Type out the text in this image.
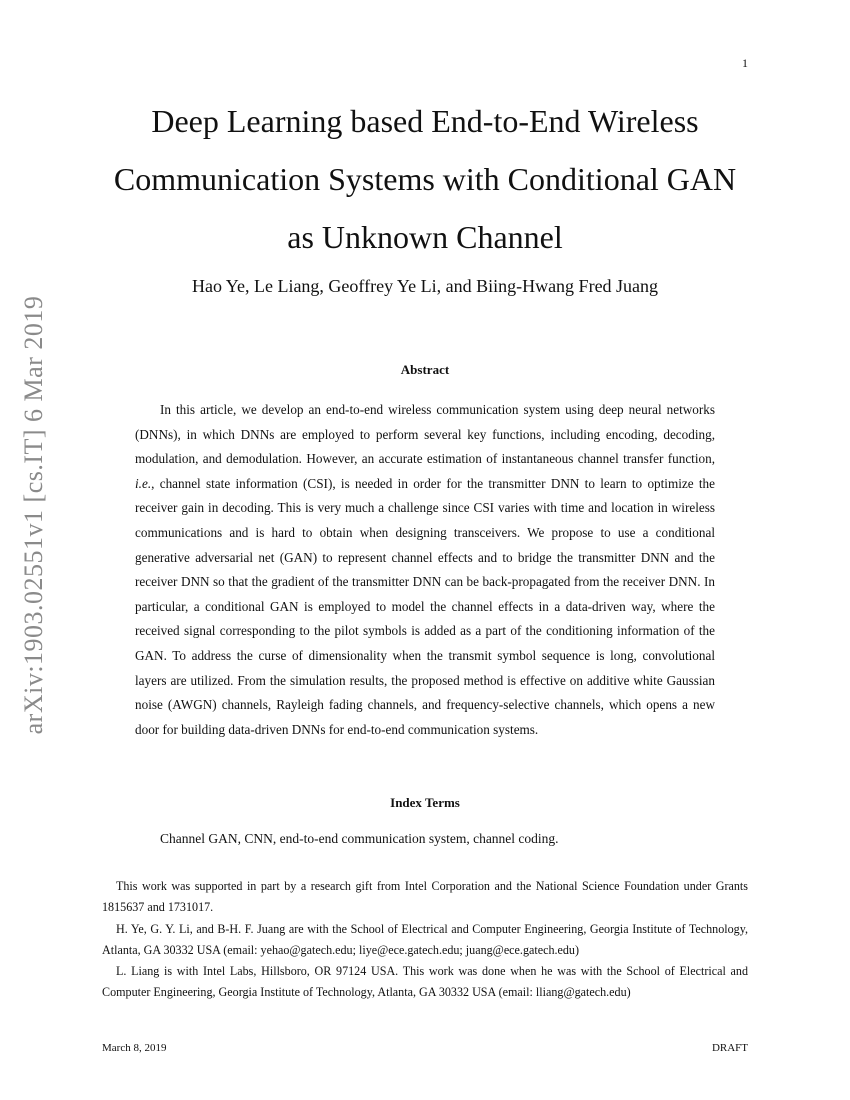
1
arXiv:1903.02551v1 [cs.IT] 6 Mar 2019
Deep Learning based End-to-End Wireless Communication Systems with Conditional GAN as Unknown Channel
Hao Ye, Le Liang, Geoffrey Ye Li, and Biing-Hwang Fred Juang
Abstract

In this article, we develop an end-to-end wireless communication system using deep neural networks (DNNs), in which DNNs are employed to perform several key functions, including encoding, decoding, modulation, and demodulation. However, an accurate estimation of instantaneous channel transfer function, i.e., channel state information (CSI), is needed in order for the transmitter DNN to learn to optimize the receiver gain in decoding. This is very much a challenge since CSI varies with time and location in wireless communications and is hard to obtain when designing transceivers. We propose to use a conditional generative adversarial net (GAN) to represent channel effects and to bridge the transmitter DNN and the receiver DNN so that the gradient of the transmitter DNN can be back-propagated from the receiver DNN. In particular, a conditional GAN is employed to model the channel effects in a data-driven way, where the received signal corresponding to the pilot symbols is added as a part of the conditioning information of the GAN. To address the curse of dimensionality when the transmit symbol sequence is long, convolutional layers are utilized. From the simulation results, the proposed method is effective on additive white Gaussian noise (AWGN) channels, Rayleigh fading channels, and frequency-selective channels, which opens a new door for building data-driven DNNs for end-to-end communication systems.

Index Terms
Channel GAN, CNN, end-to-end communication system, channel coding.

This work was supported in part by a research gift from Intel Corporation and the National Science Foundation under Grants 1815637 and 1731017.

H. Ye, G. Y. Li, and B-H. F. Juang are with the School of Electrical and Computer Engineering, Georgia Institute of Technology, Atlanta, GA 30332 USA (email: yehao@gatech.edu; liye@ece.gatech.edu; juang@ece.gatech.edu)

L. Liang is with Intel Labs, Hillsboro, OR 97124 USA. This work was done when he was with the School of Electrical and Computer Engineering, Georgia Institute of Technology, Atlanta, GA 30332 USA (email: lliang@gatech.edu)

March 8, 2019	DRAFT
